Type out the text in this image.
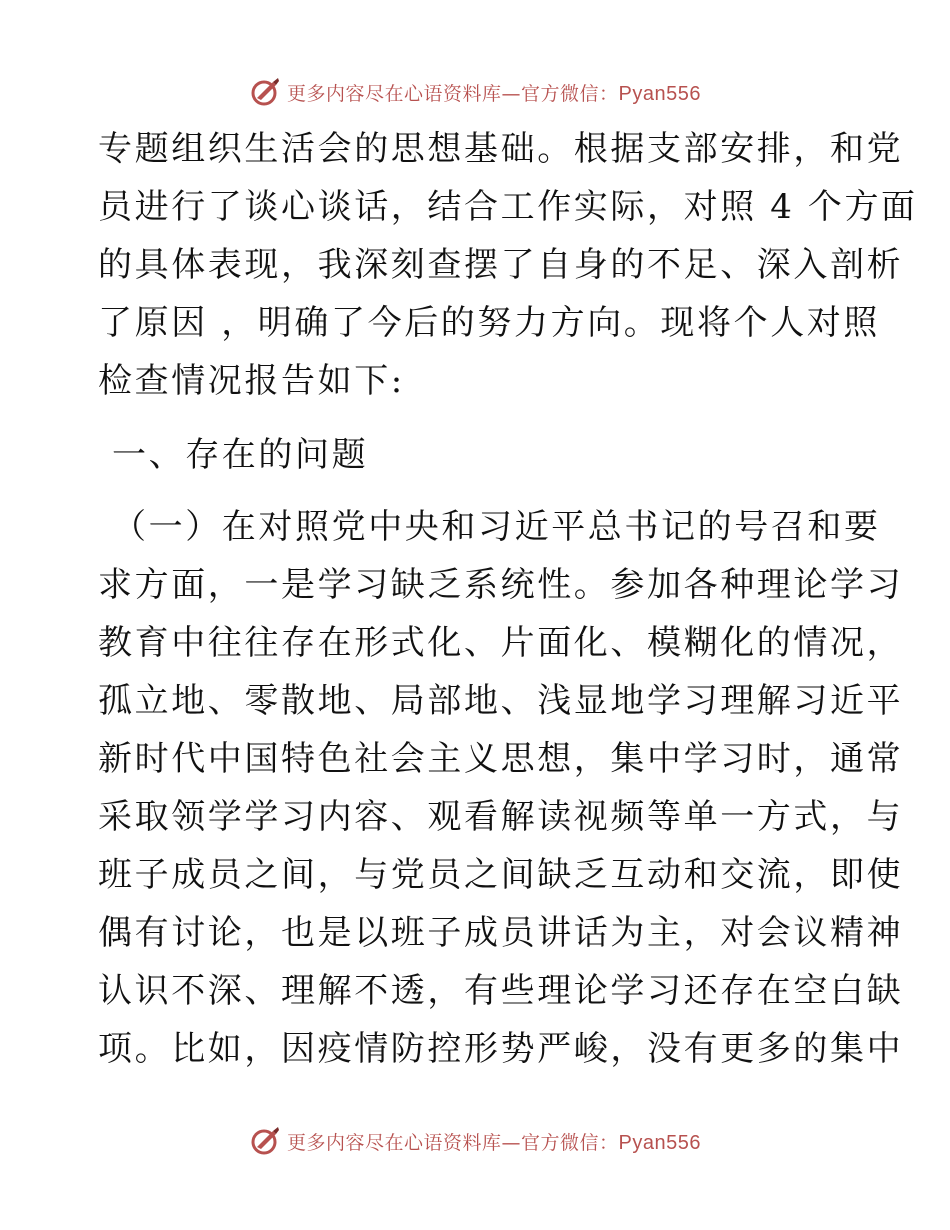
更多内容尽在心语资料库—官方微信：Pyan556
专题组织生活会的思想基础。根据支部安排，和党
员进行了谈心谈话，结合工作实际，对照 4 个方面
的具体表现，我深刻查摆了自身的不足、深入剖析
了原因 ，明确了今后的努力方向。现将个人对照
检查情况报告如下:
一、存在的问题
（一）在对照党中央和习近平总书记的号召和要
求方面，一是学习缺乏系统性。参加各种理论学习
教育中往往存在形式化、片面化、模糊化的情况，
孤立地、零散地、局部地、浅显地学习理解习近平
新时代中国特色社会主义思想，集中学习时，通常
采取领学学习内容、观看解读视频等单一方式，与
班子成员之间，与党员之间缺乏互动和交流，即使
偶有讨论，也是以班子成员讲话为主，对会议精神
认识不深、理解不透，有些理论学习还存在空白缺
项。比如，因疫情防控形势严峻，没有更多的集中
更多内容尽在心语资料库—官方微信：Pyan556
